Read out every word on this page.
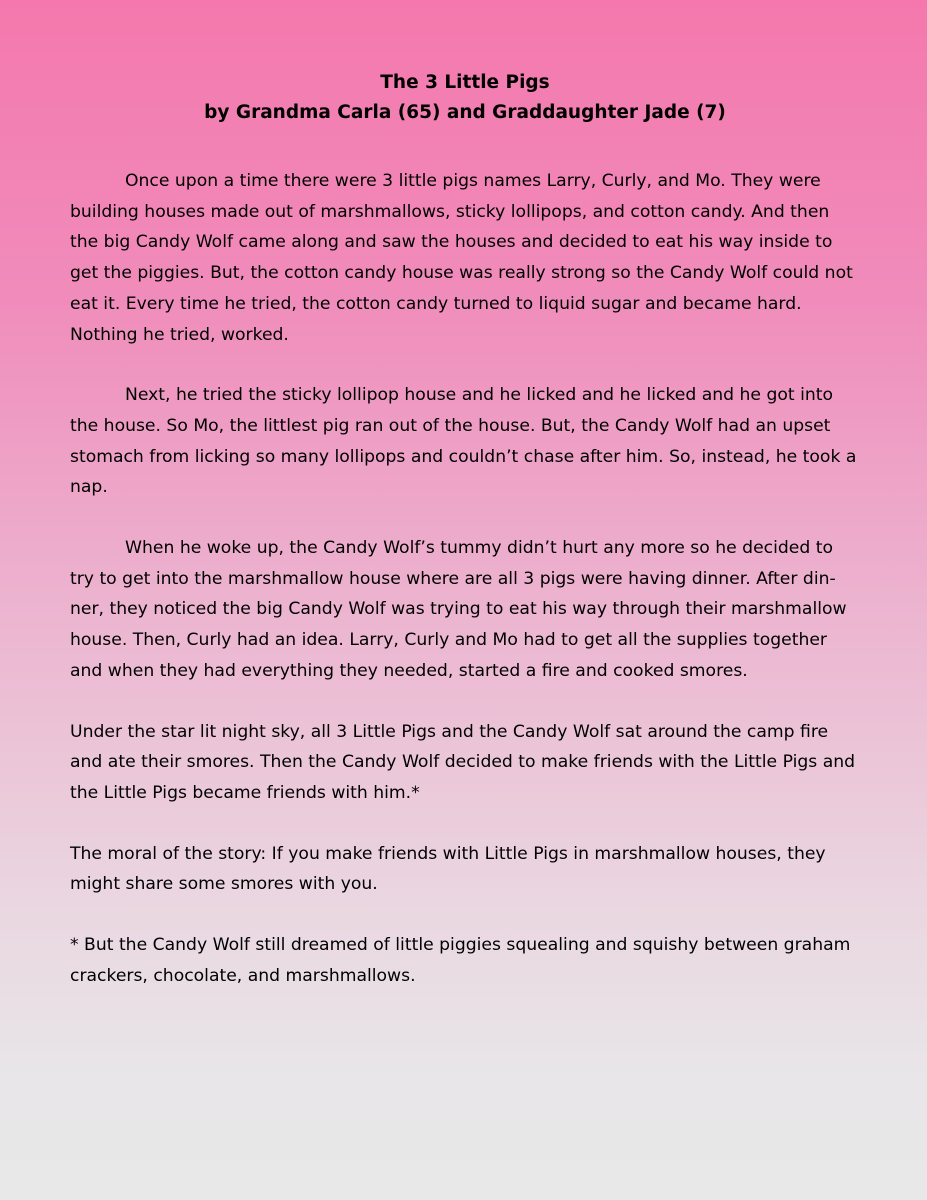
The 3 Little Pigs
by Grandma Carla (65) and Graddaughter Jade (7)

Once upon a time there were 3 little pigs names Larry, Curly, and Mo. They were building houses made out of marshmallows, sticky lollipops, and cotton candy. And then the big Candy Wolf came along and saw the houses and decided to eat his way inside to get the piggies. But, the cotton candy house was really strong so the Candy Wolf could not eat it. Every time he tried, the cotton candy turned to liquid sugar and became hard. Nothing he tried, worked.

Next, he tried the sticky lollipop house and he licked and he licked and he got into the house. So Mo, the littlest pig ran out of the house. But, the Candy Wolf had an upset stomach from licking so many lollipops and couldn’t chase after him. So, instead, he took a nap.

When he woke up, the Candy Wolf’s tummy didn’t hurt any more so he decided to try to get into the marshmallow house where are all 3 pigs were having dinner. After din-ner, they noticed the big Candy Wolf was trying to eat his way through their marshmallow house. Then, Curly had an idea. Larry, Curly and Mo had to get all the supplies together and when they had everything they needed, started a fire and cooked smores.

Under the star lit night sky, all 3 Little Pigs and the Candy Wolf sat around the camp fire and ate their smores. Then the Candy Wolf decided to make friends with the Little Pigs and the Little Pigs became friends with him.*

The moral of the story: If you make friends with Little Pigs in marshmallow houses, they might share some smores with you.

* But the Candy Wolf still dreamed of little piggies squealing and squishy between graham crackers, chocolate, and marshmallows.
